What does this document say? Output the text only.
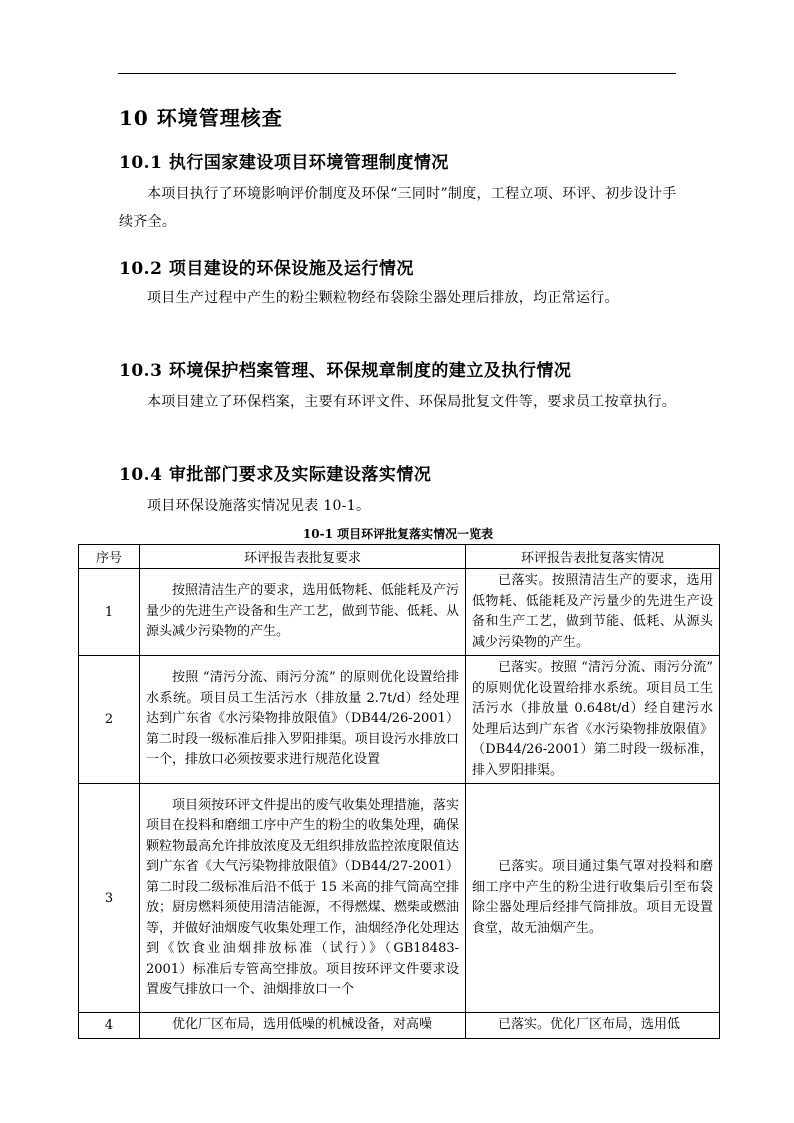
10 环境管理核查
10.1 执行国家建设项目环境管理制度情况

本项目执行了环境影响评价制度及环保“三同时”制度，工程立项、环评、初步设计手续齐全。

10.2 项目建设的环保设施及运行情况

项目生产过程中产生的粉尘颗粒物经布袋除尘器处理后排放，均正常运行。

10.3 环境保护档案管理、环保规章制度的建立及执行情况

本项目建立了环保档案，主要有环评文件、环保局批复文件等，要求员工按章执行。

10.4 审批部门要求及实际建设落实情况

项目环保设施落实情况见表 10-1。

10-1 项目环评批复落实情况一览表
序号	环评报告表批复要求	环评报告表批复落实情况
1	按照清洁生产的要求，选用低物耗、低能耗及产污量少的先进生产设备和生产工艺，做到节能、低耗、从源头减少污染物的产生。	已落实。按照清洁生产的要求，选用低物耗、低能耗及产污量少的先进生产设备和生产工艺，做到节能、低耗、从源头减少污染物的产生。
2	按照 “清污分流、雨污分流” 的原则优化设置给排水系统。项目员工生活污水（排放量 2.7t/d）经处理达到广东省《水污染物排放限值》（DB44/26-2001）第二时段一级标准后排入罗阳排渠。项目设污水排放口一个，排放口必须按要求进行规范化设置	已落实。按照 “清污分流、雨污分流” 的原则优化设置给排水系统。项目员工生活污水（排放量 0.648t/d）经自建污水处理后达到广东省《水污染物排放限值》（DB44/26-2001）第二时段一级标准，排入罗阳排渠。
3	项目须按环评文件提出的废气收集处理措施，落实项目在投料和磨细工序中产生的粉尘的收集处理，确保颗粒物最高允许排放浓度及无组织排放监控浓度限值达到广东省《大气污染物排放限值》（DB44/27-2001）第二时段二级标准后沿不低于 15 米高的排气筒高空排放；厨房燃料须使用清洁能源，不得燃煤、燃柴或燃油等，并做好油烟废气收集处理工作，油烟经净化处理达到《饮食业油烟排放标准（试行）》（GB18483-2001）标准后专管高空排放。项目按环评文件要求设置废气排放口一个、油烟排放口一个	已落实。项目通过集气罩对投料和磨细工序中产生的粉尘进行收集后引至布袋除尘器处理后经排气筒排放。项目无设置食堂，故无油烟产生。
4	优化厂区布局，选用低噪的机械设备，对高噪	已落实。优化厂区布局，选用低
